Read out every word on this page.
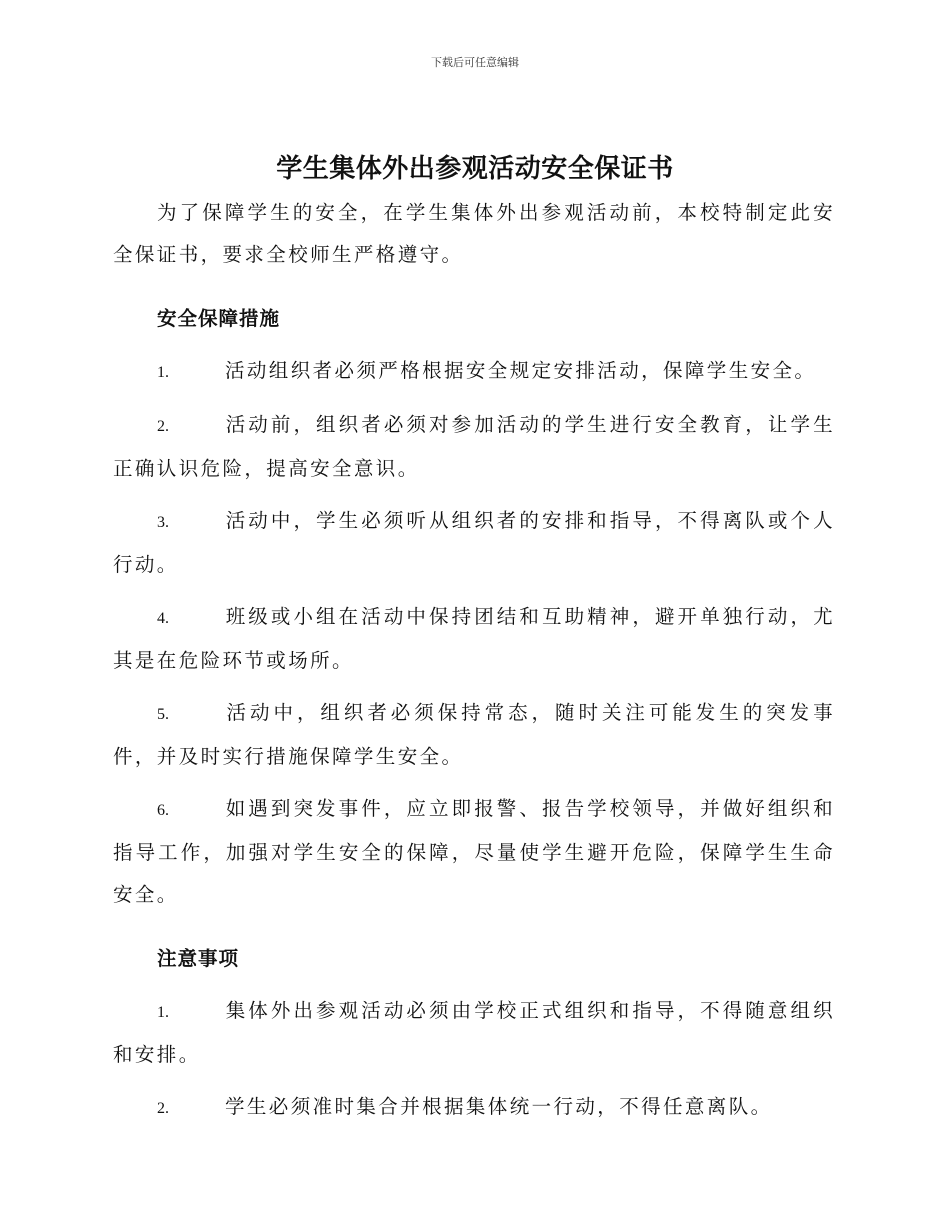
下载后可任意编辑
学生集体外出参观活动安全保证书

为了保障学生的安全，在学生集体外出参观活动前，本校特制定此安全保证书，要求全校师生严格遵守。

安全保障措施
1.	活动组织者必须严格根据安全规定安排活动，保障学生安全。
2.	活动前，组织者必须对参加活动的学生进行安全教育，让学生正确认识危险，提高安全意识。
3.	活动中，学生必须听从组织者的安排和指导，不得离队或个人行动。
4.	班级或小组在活动中保持团结和互助精神，避开单独行动，尤其是在危险环节或场所。
5.	活动中，组织者必须保持常态，随时关注可能发生的突发事件，并及时实行措施保障学生安全。
6.	如遇到突发事件，应立即报警、报告学校领导，并做好组织和指导工作，加强对学生安全的保障，尽量使学生避开危险，保障学生生命安全。
注意事项
1.	集体外出参观活动必须由学校正式组织和指导，不得随意组织和安排。
2.	学生必须准时集合并根据集体统一行动，不得任意离队。
